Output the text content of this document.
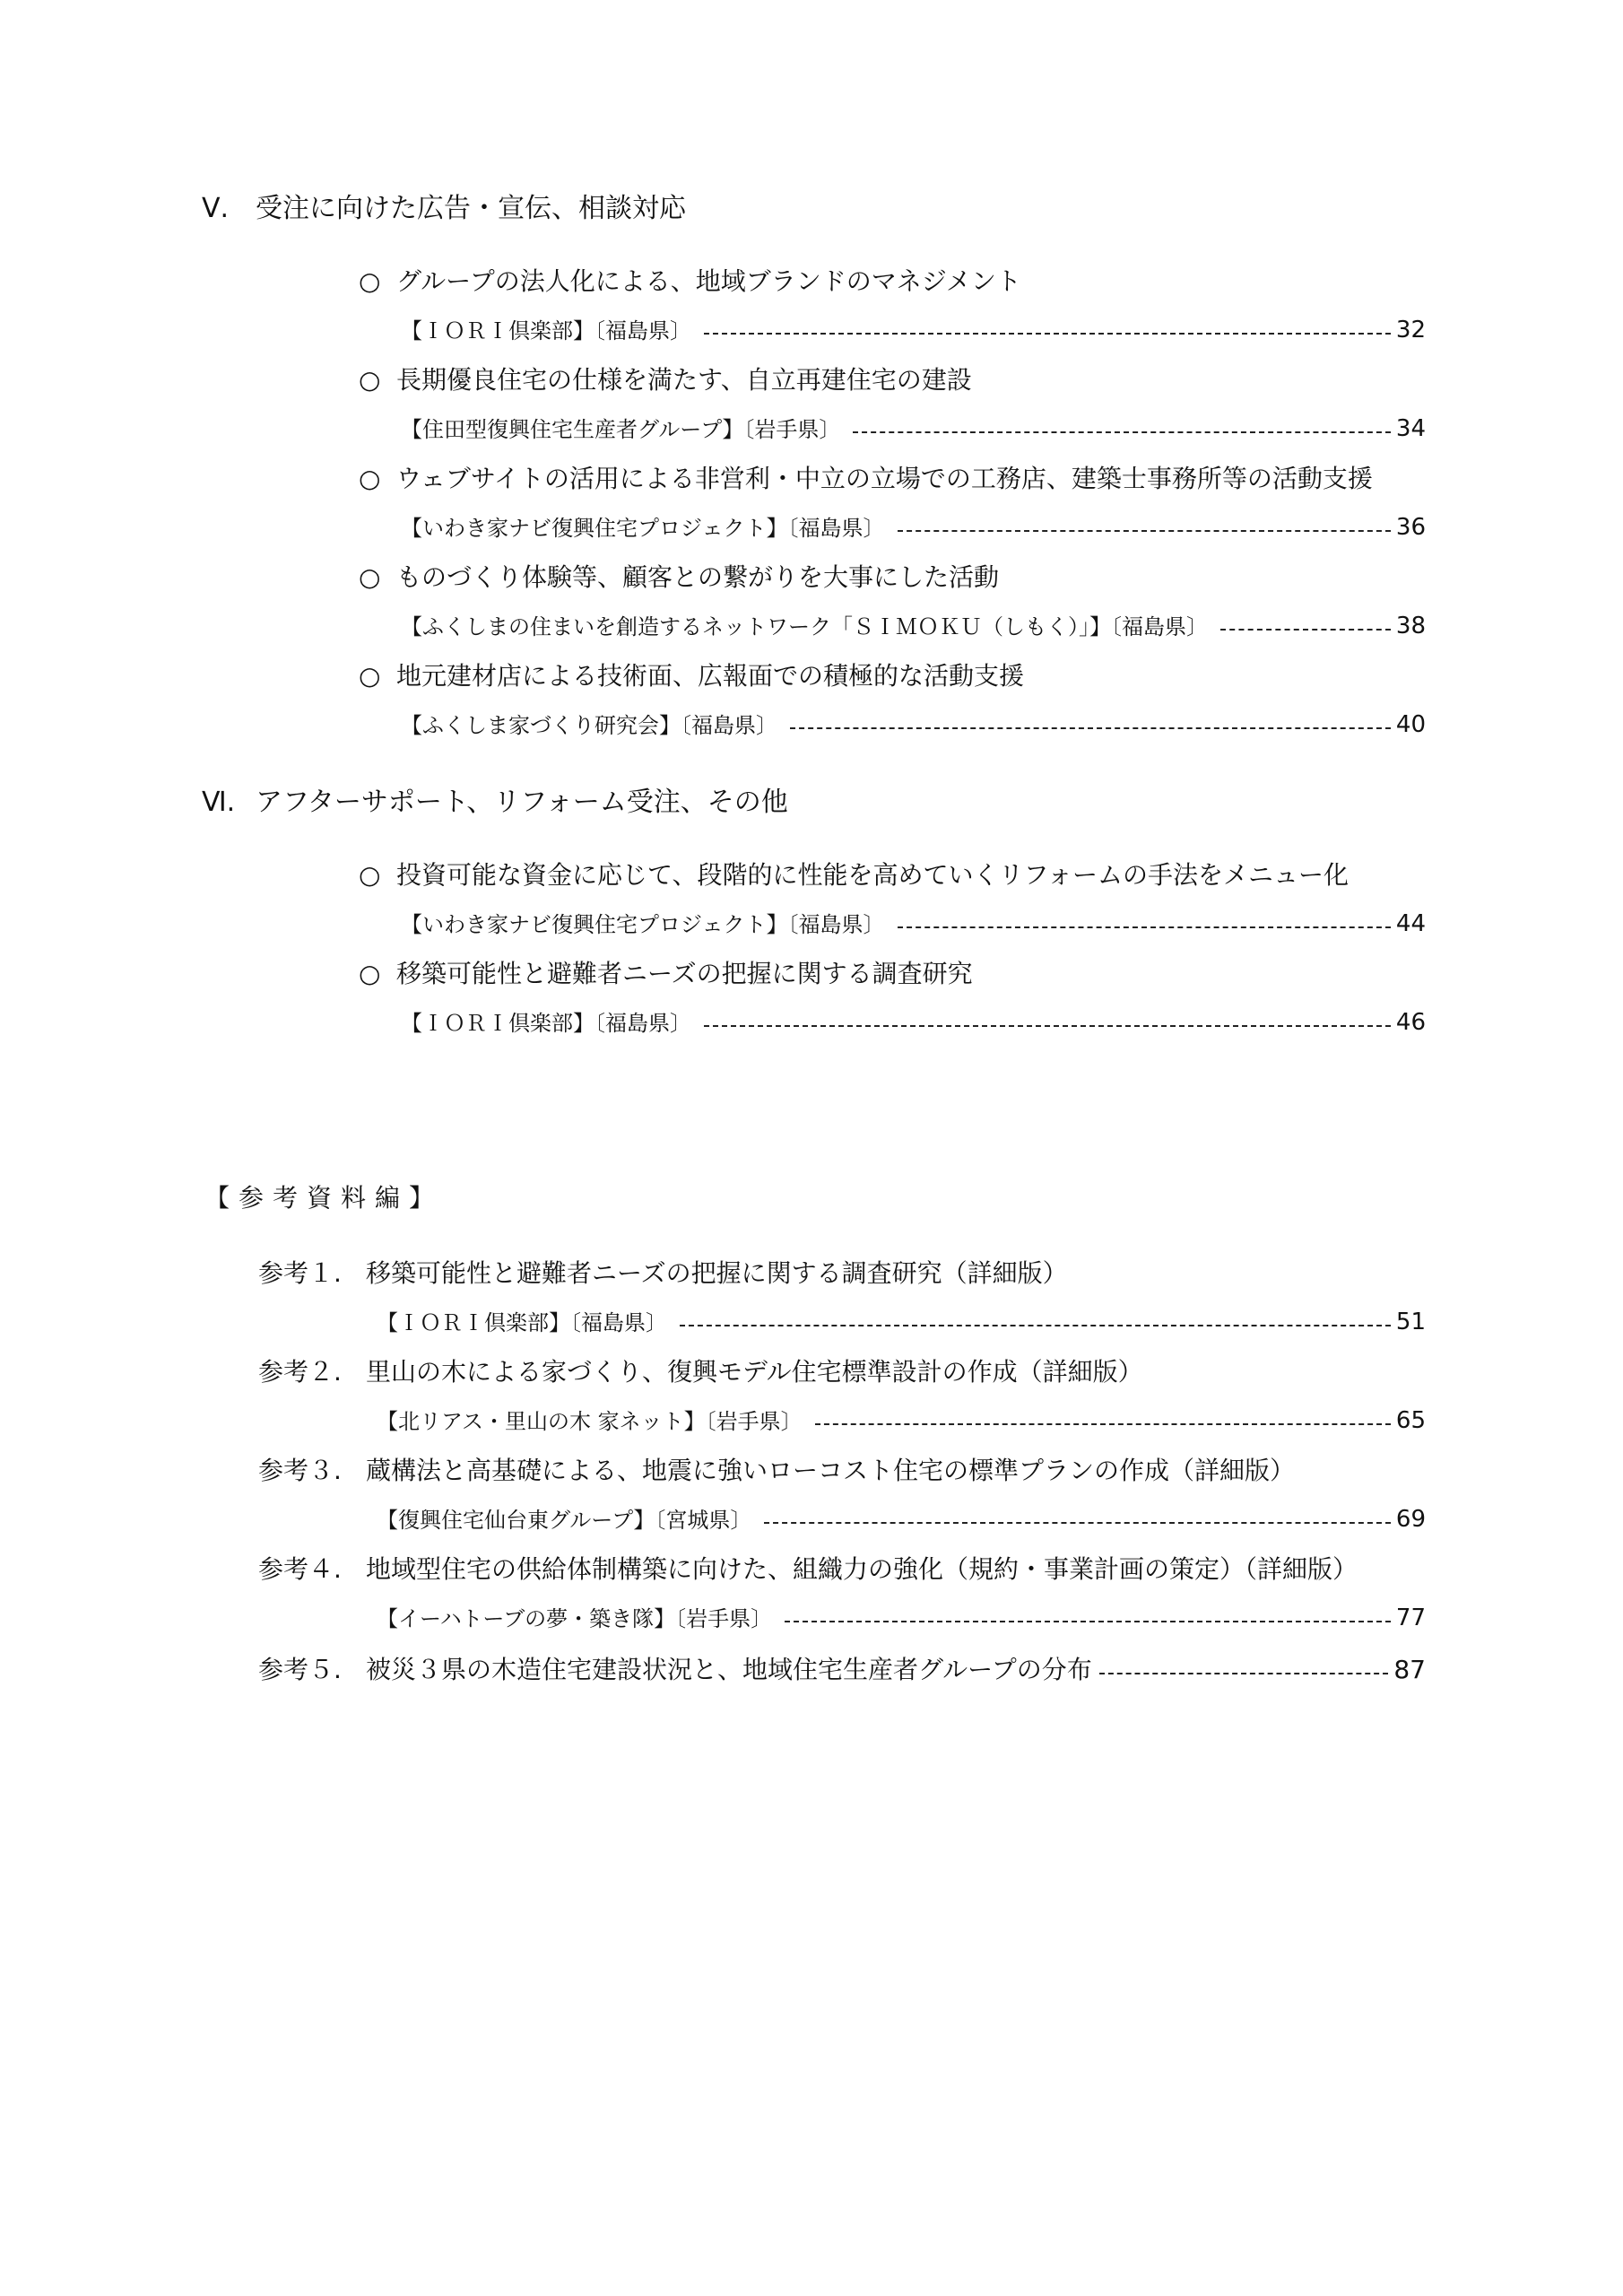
Ⅴ. 受注に向けた広告・宣伝、相談対応
○ グループの法人化による、地域ブランドのマネジメント
【ＩＯＲＩ倶楽部】〔福島県〕	32
○ 長期優良住宅の仕様を満たす、自立再建住宅の建設
【住田型復興住宅生産者グループ】〔岩手県〕	34
○ ウェブサイトの活用による非営利・中立の立場での工務店、建築士事務所等の活動支援
【いわき家ナビ復興住宅プロジェクト】〔福島県〕	36
○ ものづくり体験等、顧客との繋がりを大事にした活動
【ふくしまの住まいを創造するネットワーク「ＳＩＭＯＫＵ（しもく）」】〔福島県〕	38
○ 地元建材店による技術面、広報面での積極的な活動支援
【ふくしま家づくり研究会】〔福島県〕	40
Ⅵ. アフターサポート、リフォーム受注、その他
○ 投資可能な資金に応じて、段階的に性能を高めていくリフォームの手法をメニュー化
【いわき家ナビ復興住宅プロジェクト】〔福島県〕	44
○ 移築可能性と避難者ニーズの把握に関する調査研究
【ＩＯＲＩ倶楽部】〔福島県〕	46
【参考資料編】
参考１. 移築可能性と避難者ニーズの把握に関する調査研究（詳細版）
【ＩＯＲＩ倶楽部】〔福島県〕	51
参考２. 里山の木による家づくり、復興モデル住宅標準設計の作成（詳細版）
【北リアス・里山の木 家ネット】〔岩手県〕	65
参考３. 蔵構法と高基礎による、地震に強いローコスト住宅の標準プランの作成（詳細版）
【復興住宅仙台東グループ】〔宮城県〕	69
参考４. 地域型住宅の供給体制構築に向けた、組織力の強化（規約・事業計画の策定）（詳細版）
【イーハトーブの夢・築き隊】〔岩手県〕	77
参考５. 被災３県の木造住宅建設状況と、地域住宅生産者グループの分布	87
